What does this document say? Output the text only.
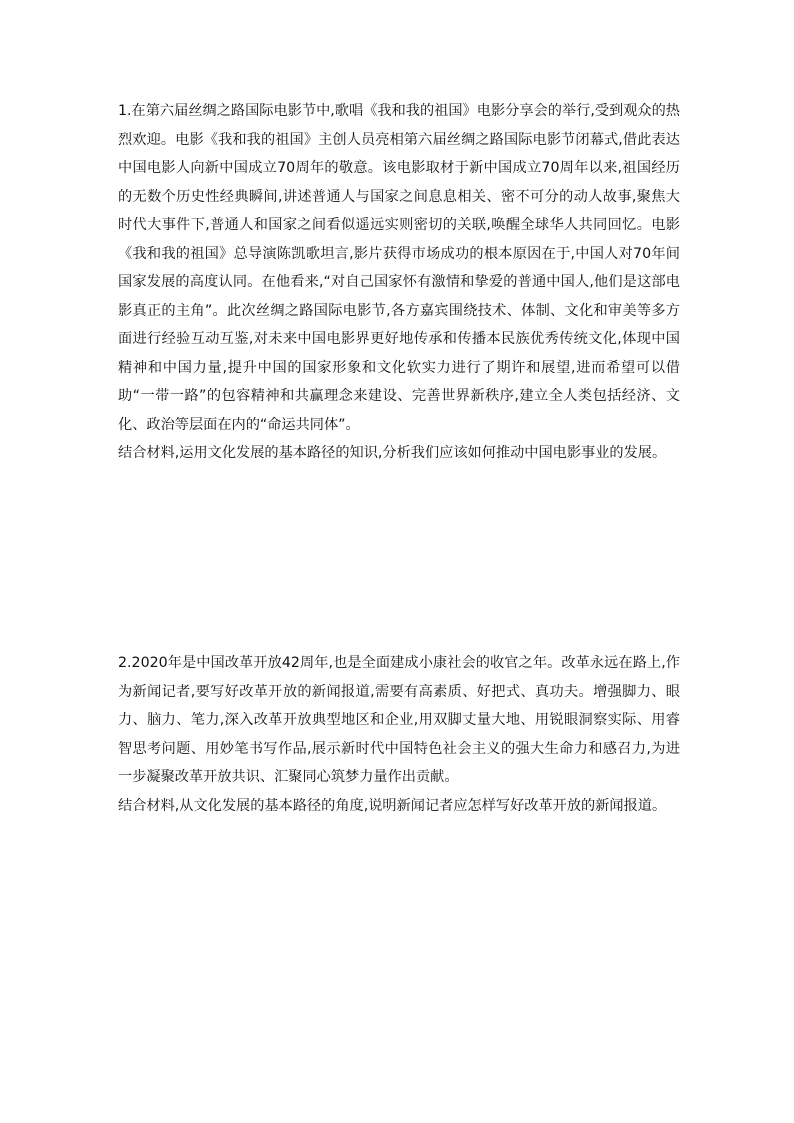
1.在第六届丝绸之路国际电影节中,歌唱《我和我的祖国》电影分享会的举行,受到观众的热烈欢迎。电影《我和我的祖国》主创人员亮相第六届丝绸之路国际电影节闭幕式,借此表达中国电影人向新中国成立70周年的敬意。该电影取材于新中国成立70周年以来,祖国经历的无数个历史性经典瞬间,讲述普通人与国家之间息息相关、密不可分的动人故事,聚焦大时代大事件下,普通人和国家之间看似遥远实则密切的关联,唤醒全球华人共同回忆。电影《我和我的祖国》总导演陈凯歌坦言,影片获得市场成功的根本原因在于,中国人对70年间国家发展的高度认同。在他看来,“对自己国家怀有激情和挚爱的普通中国人,他们是这部电影真正的主角”。此次丝绸之路国际电影节,各方嘉宾围绕技术、体制、文化和审美等多方面进行经验互动互鉴,对未来中国电影界更好地传承和传播本民族优秀传统文化,体现中国精神和中国力量,提升中国的国家形象和文化软实力进行了期许和展望,进而希望可以借助“一带一路”的包容精神和共赢理念来建设、完善世界新秩序,建立全人类包括经济、文化、政治等层面在内的“命运共同体”。

结合材料,运用文化发展的基本路径的知识,分析我们应该如何推动中国电影事业的发展。

2.2020年是中国改革开放42周年,也是全面建成小康社会的收官之年。改革永远在路上,作为新闻记者,要写好改革开放的新闻报道,需要有高素质、好把式、真功夫。增强脚力、眼力、脑力、笔力,深入改革开放典型地区和企业,用双脚丈量大地、用锐眼洞察实际、用睿智思考问题、用妙笔书写作品,展示新时代中国特色社会主义的强大生命力和感召力,为进一步凝聚改革开放共识、汇聚同心筑梦力量作出贡献。

结合材料,从文化发展的基本路径的角度,说明新闻记者应怎样写好改革开放的新闻报道。
